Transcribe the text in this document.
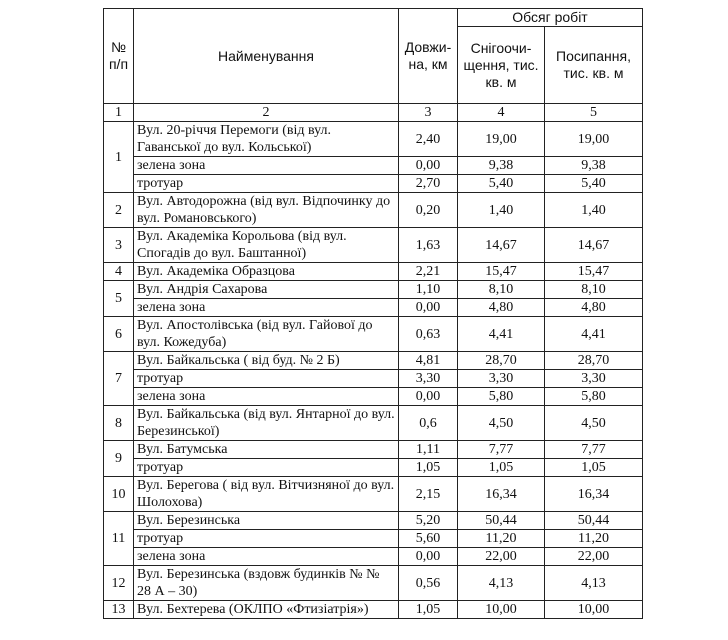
№ п/п	Найменування	Довжи-на, км	Обсяг робіт	
			Снігоочи-щення, тис. кв. м	Посипання, тис. кв. м
1	2	3	4	5
1	Вул. 20-річчя Перемоги (від вул. Гаванської до вул. Кольської)	2,40	19,00	19,00
	зелена зона	0,00	9,38	9,38
	тротуар	2,70	5,40	5,40
2	Вул. Автодорожна (від вул. Відпочинку до вул. Романовського)	0,20	1,40	1,40
3	Вул. Академіка Корольова (від вул. Спогадів до вул. Баштанної)	1,63	14,67	14,67
4	Вул. Академіка Образцова	2,21	15,47	15,47
5	Вул. Андрія Сахарова	1,10	8,10	8,10
	зелена зона	0,00	4,80	4,80
6	Вул. Апостолівська (від вул. Гайової до вул. Кожедуба)	0,63	4,41	4,41
7	Вул. Байкальська ( від буд. № 2 Б)	4,81	28,70	28,70
	тротуар	3,30	3,30	3,30
	зелена зона	0,00	5,80	5,80
8	Вул. Байкальська (від вул. Янтарної до вул. Березинської)	0,6	4,50	4,50
9	Вул. Батумська	1,11	7,77	7,77
	тротуар	1,05	1,05	1,05
10	Вул. Берегова ( від вул. Вітчизняної до вул. Шолохова)	2,15	16,34	16,34
11	Вул. Березинська	5,20	50,44	50,44
	тротуар	5,60	11,20	11,20
	зелена зона	0,00	22,00	22,00
12	Вул. Березинська (вздовж будинків № № 28 А – 30)	0,56	4,13	4,13
13	Вул. Бехтерева (ОКЛПО «Фтизіатрія»)	1,05	10,00	10,00
